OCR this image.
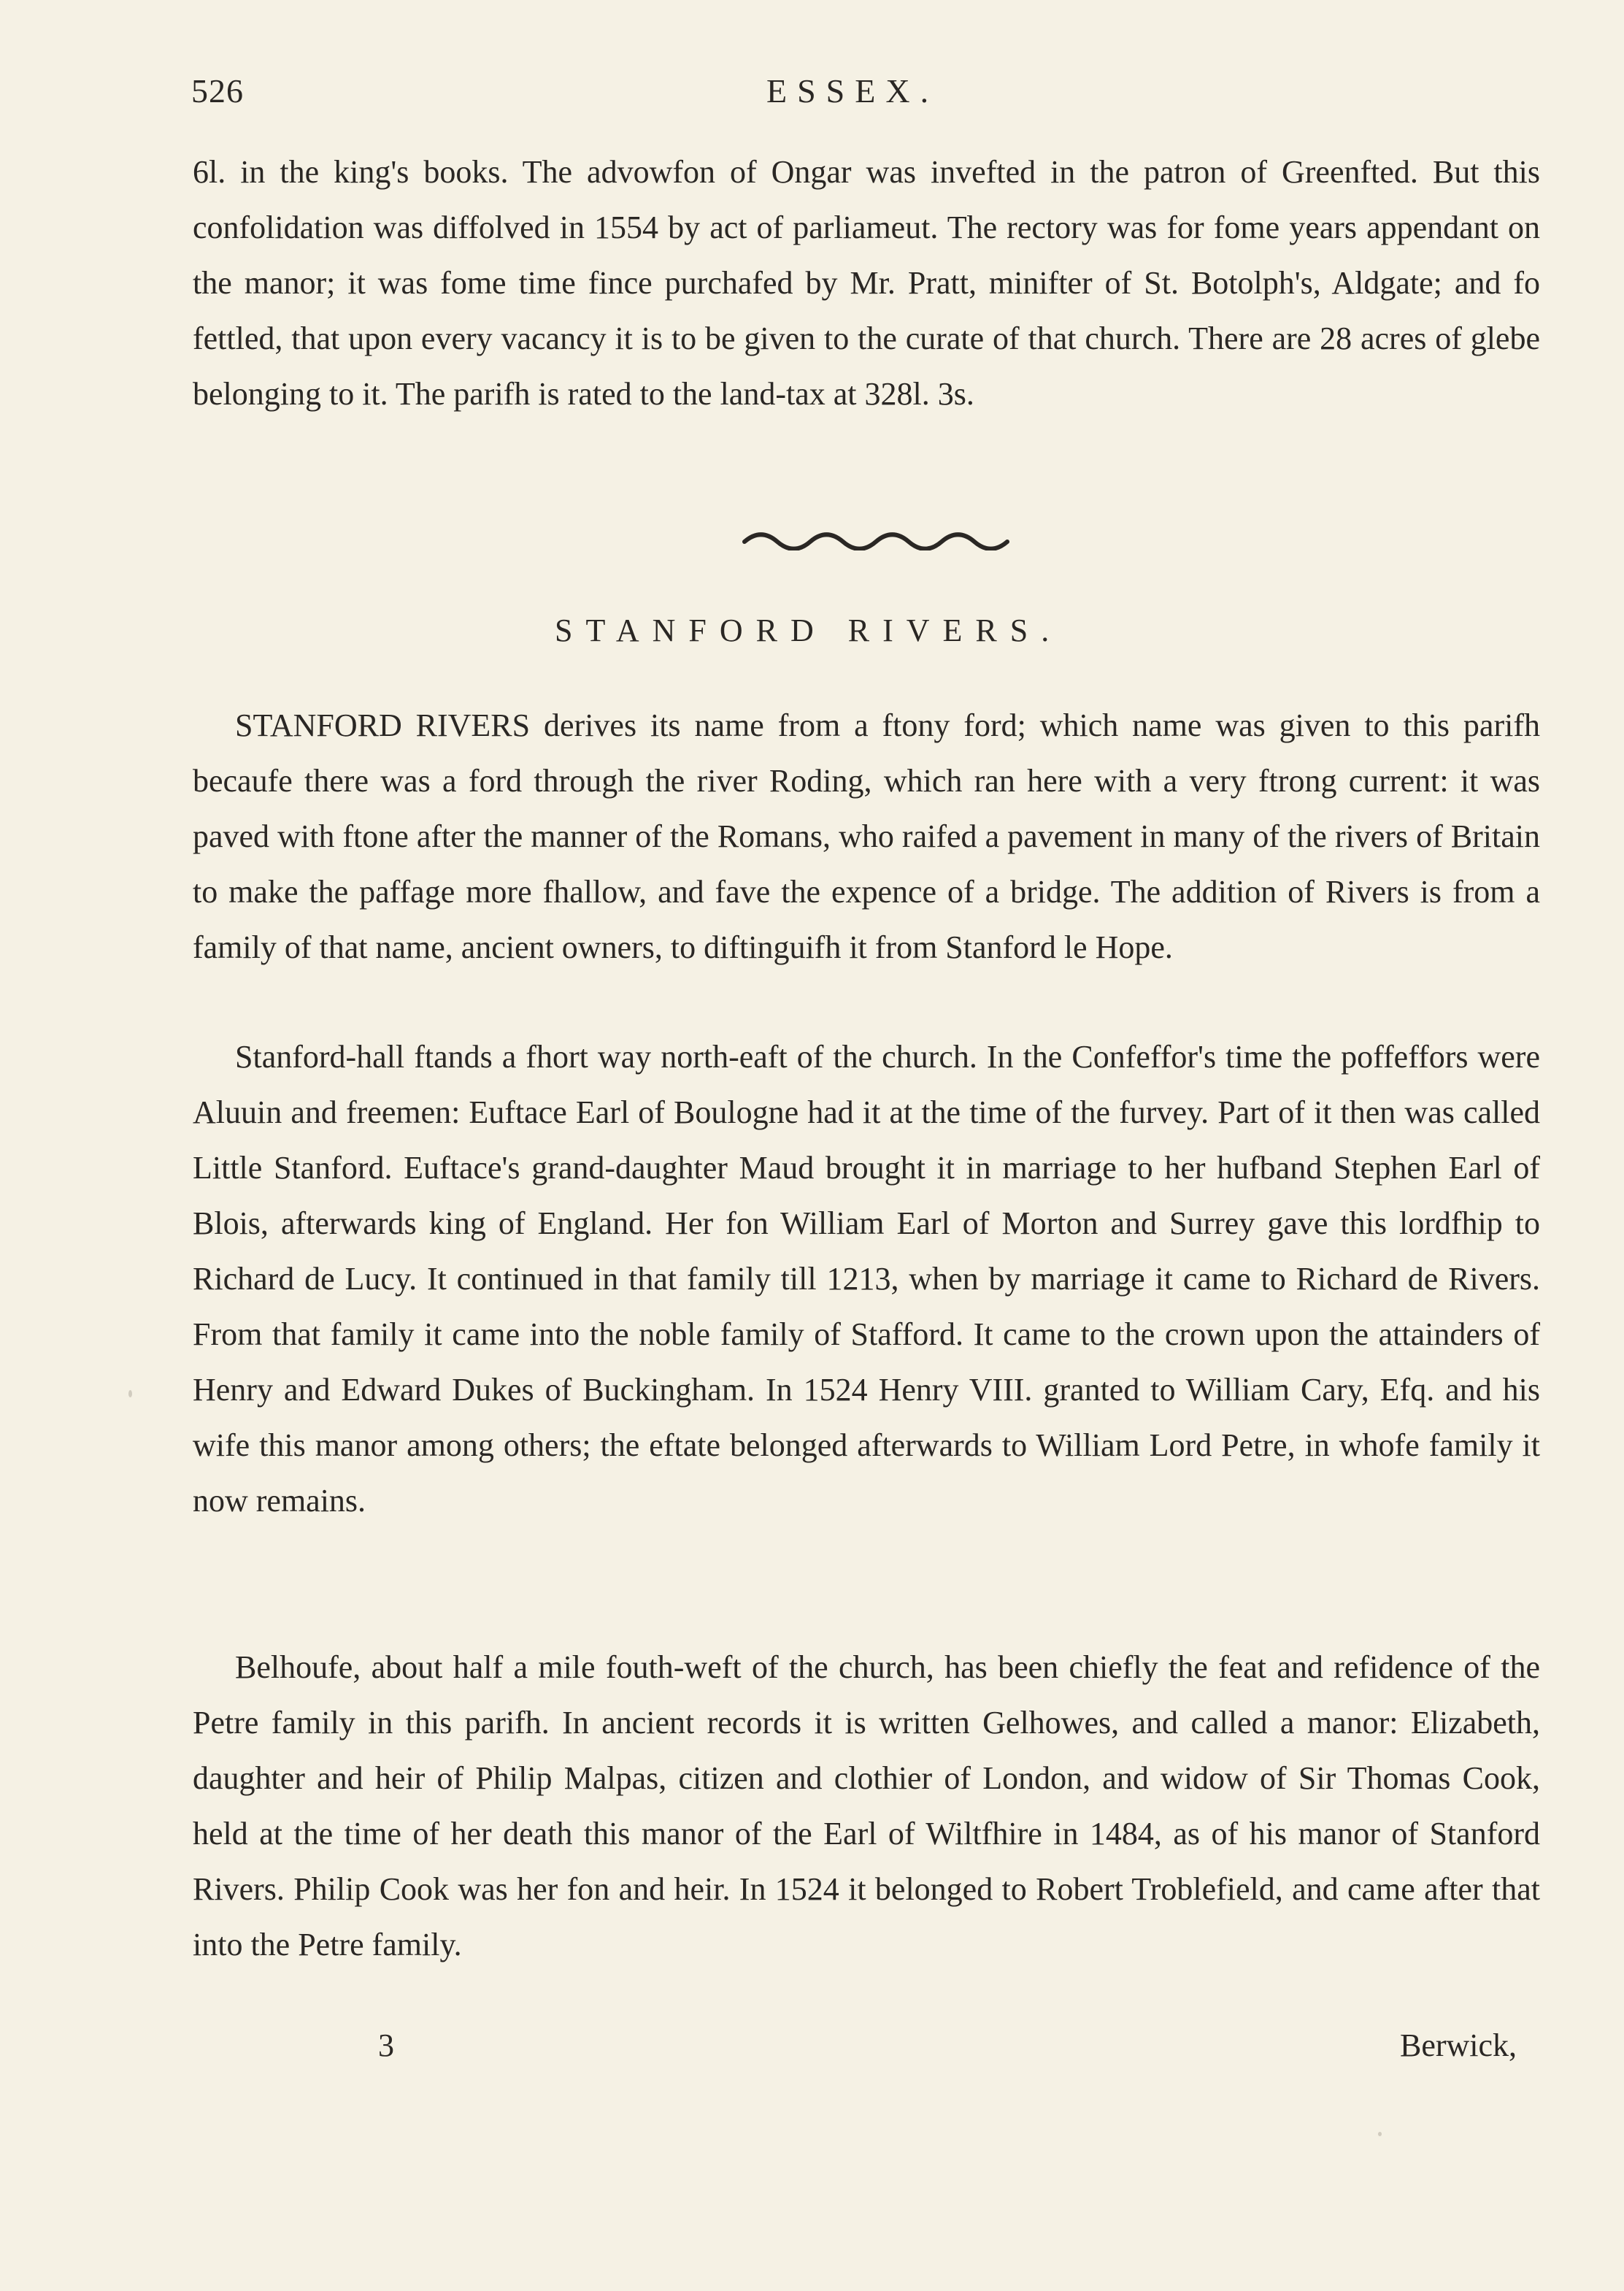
526	ESSEX.

6l. in the king's books. The advowfon of Ongar was invefted in the patron of Greenfted. But this confolidation was diffolved in 1554 by act of parliameut. The rectory was for fome years appendant on the manor; it was fome time fince purchafed by Mr. Pratt, minifter of St. Botolph's, Aldgate; and fo fettled, that upon every vacancy it is to be given to the curate of that church. There are 28 acres of glebe belonging to it. The parifh is rated to the land-tax at 328l. 3s.

STANFORD RIVERS.

STANFORD RIVERS derives its name from a ftony ford; which name was given to this parifh becaufe there was a ford through the river Roding, which ran here with a very ftrong current: it was paved with ftone after the manner of the Romans, who raifed a pavement in many of the rivers of Britain to make the paffage more fhallow, and fave the expence of a bridge. The addition of Rivers is from a family of that name, ancient owners, to diftinguifh it from Stanford le Hope.

Stanford-hall ftands a fhort way north-eaft of the church. In the Confeffor's time the poffeffors were Aluuin and freemen: Euftace Earl of Boulogne had it at the time of the furvey. Part of it then was called Little Stanford. Euftace's grand-daughter Maud brought it in marriage to her hufband Stephen Earl of Blois, afterwards king of England. Her fon William Earl of Morton and Surrey gave this lordfhip to Richard de Lucy. It continued in that family till 1213, when by marriage it came to Richard de Rivers. From that family it came into the noble family of Stafford. It came to the crown upon the attainders of Henry and Edward Dukes of Buckingham. In 1524 Henry VIII. granted to William Cary, Efq. and his wife this manor among others; the eftate belonged afterwards to William Lord Petre, in whofe family it now remains.

Belhoufe, about half a mile fouth-weft of the church, has been chiefly the feat and refidence of the Petre family in this parifh. In ancient records it is written Gelhowes, and called a manor: Elizabeth, daughter and heir of Philip Malpas, citizen and clothier of London, and widow of Sir Thomas Cook, held at the time of her death this manor of the Earl of Wiltfhire in 1484, as of his manor of Stanford Rivers. Philip Cook was her fon and heir. In 1524 it belonged to Robert Troblefield, and came after that into the Petre family.

3	Berwick,
